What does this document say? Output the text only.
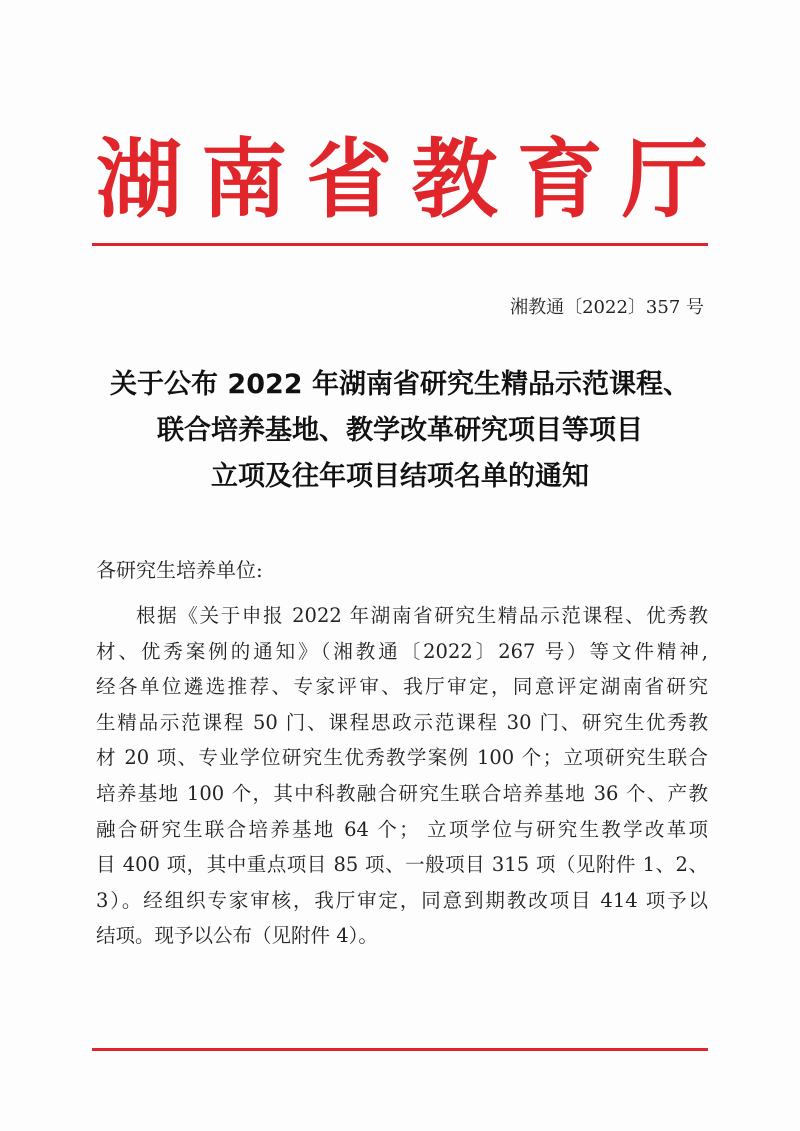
湖 南 省 教 育 厅
湘教通〔2022〕357 号
关于公布 2022 年湖南省研究生精品示范课程、
联合培养基地、教学改革研究项目等项目
立项及往年项目结项名单的通知
各研究生培养单位:
根据《关于申报 2022 年湖南省研究生精品示范课程、优秀教
材、优秀案例的通知》（湘教通〔2022〕267 号）等文件精神,
经各单位遴选推荐、专家评审、我厅审定，同意评定湖南省研究
生精品示范课程 50 门、课程思政示范课程 30 门、研究生优秀教
材 20 项、专业学位研究生优秀教学案例 100 个；立项研究生联合
培养基地 100 个，其中科教融合研究生联合培养基地 36 个、产教
融合研究生联合培养基地 64 个； 立项学位与研究生教学改革项
目 400 项，其中重点项目 85 项、一般项目 315 项（见附件 1、2、
3）。经组织专家审核，我厅审定，同意到期教改项目 414 项予以
结项。现予以公布（见附件 4）。
